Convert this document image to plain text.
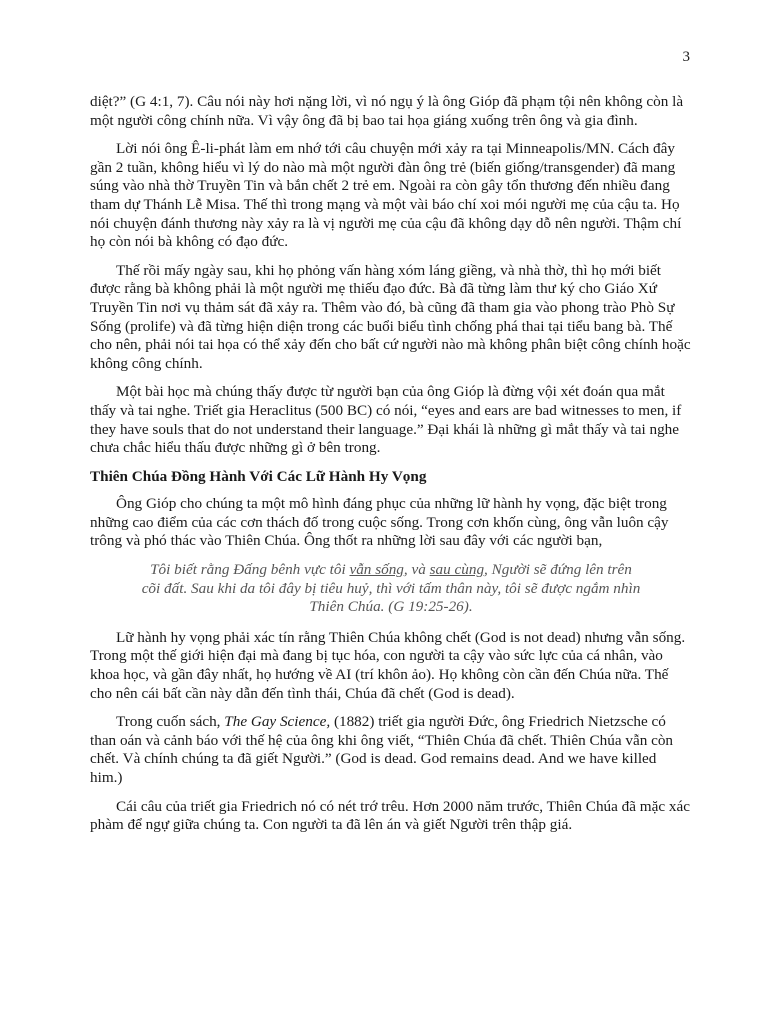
3

diệt?” (G 4:1, 7). Câu nói này hơi nặng lời, vì nó ngụ ý là ông Gióp đã phạm tội nên không còn là một người công chính nữa. Vì vậy ông đã bị bao tai họa giáng xuống trên ông và gia đình.

Lời nói ông Ê-li-phát làm em nhớ tới câu chuyện mới xảy ra tại Minneapolis/MN. Cách đây gần 2 tuần, không hiểu vì lý do nào mà một người đàn ông trẻ (biến giống/transgender) đã mang súng vào nhà thờ Truyền Tin và bắn chết 2 trẻ em. Ngoài ra còn gây tổn thương đến nhiều đang tham dự Thánh Lễ Misa. Thế thì trong mạng và một vài báo chí xoi mói người mẹ của cậu ta. Họ nói chuyện đánh thương này xảy ra là vị người mẹ của cậu đã không dạy dỗ nên người. Thậm chí họ còn nói bà không có đạo đức.

Thế rồi mấy ngày sau, khi họ phỏng vấn hàng xóm láng giềng, và nhà thờ, thì họ mới biết được rằng bà không phải là một người mẹ thiếu đạo đức. Bà đã từng làm thư ký cho Giáo Xứ Truyền Tin nơi vụ thảm sát đã xảy ra. Thêm vào đó, bà cũng đã tham gia vào phong trào Phò Sự Sống (prolife) và đã từng hiện diện trong các buổi biểu tình chống phá thai tại tiểu bang bà. Thế cho nên, phải nói tai họa có thể xảy đến cho bất cứ người nào mà không phân biệt công chính hoặc không công chính.

Một bài học mà chúng thấy được từ người bạn của ông Gióp là đừng vội xét đoán qua mắt thấy và tai nghe. Triết gia Heraclitus (500 BC) có nói, “eyes and ears are bad witnesses to men, if they have souls that do not understand their language.” Đại khái là những gì mắt thấy và tai nghe chưa chắc hiểu thấu được những gì ở bên trong.

Thiên Chúa Đồng Hành Với Các Lữ Hành Hy Vọng

Ông Gióp cho chúng ta một mô hình đáng phục của những lữ hành hy vọng, đặc biệt trong những cao điểm của các cơn thách đố trong cuộc sống. Trong cơn khốn cùng, ông vẫn luôn cậy trông và phó thác vào Thiên Chúa. Ông thốt ra những lời sau đây với các người bạn,

Tôi biết rằng Đấng bênh vực tôi vẫn sống, và sau cùng, Người sẽ đứng lên trên cõi đất. Sau khi da tôi đây bị tiêu huỷ, thì với tấm thân này, tôi sẽ được ngắm nhìn Thiên Chúa. (G 19:25-26).

Lữ hành hy vọng phải xác tín rằng Thiên Chúa không chết (God is not dead) nhưng vẫn sống. Trong một thế giới hiện đại mà đang bị tục hóa, con người ta cậy vào sức lực của cá nhân, vào khoa học, và gần đây nhất, họ hướng về AI (trí khôn ảo). Họ không còn cần đến Chúa nữa. Thế cho nên cái bất cần này dẫn đến tình thái, Chúa đã chết (God is dead).

Trong cuốn sách, The Gay Science, (1882) triết gia người Đức, ông Friedrich Nietzsche có than oán và cảnh báo với thế hệ của ông khi ông viết, “Thiên Chúa đã chết. Thiên Chúa vẫn còn chết. Và chính chúng ta đã giết Người.” (God is dead. God remains dead. And we have killed him.)

Cái câu của triết gia Friedrich nó có nét trớ trêu. Hơn 2000 năm trước, Thiên Chúa đã mặc xác phàm để ngự giữa chúng ta. Con người ta đã lên án và giết Người trên thập giá.
